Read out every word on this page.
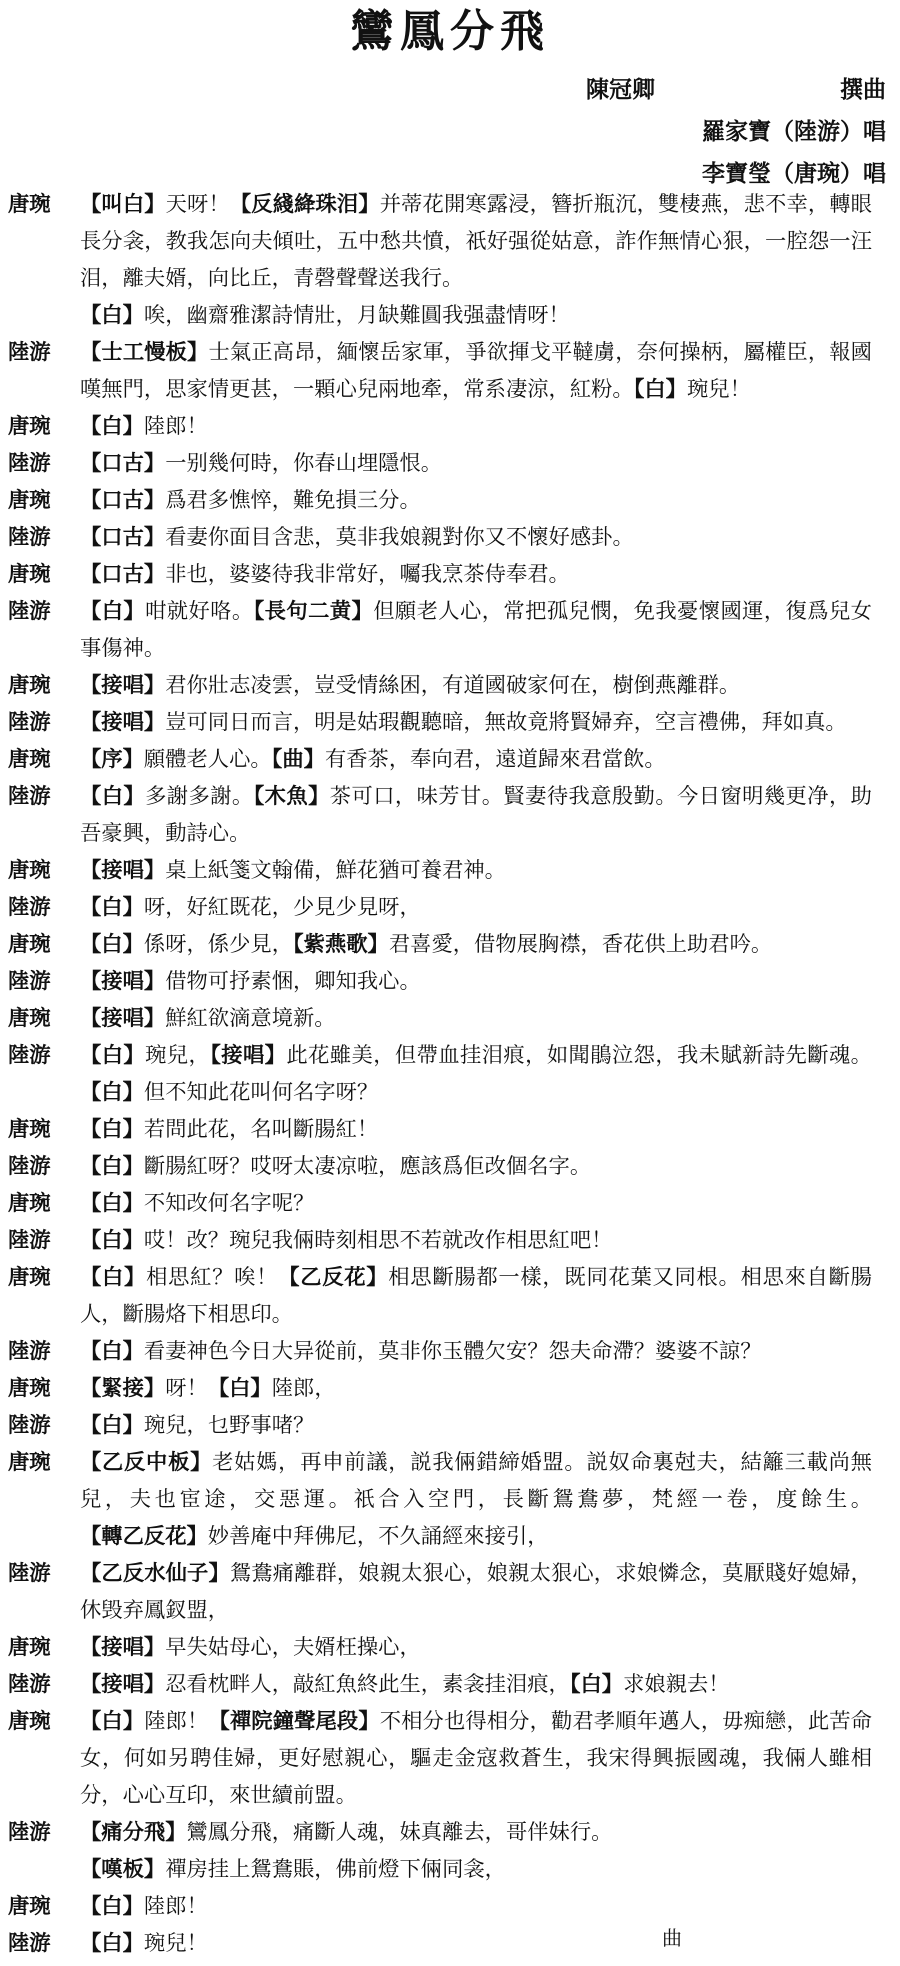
鸞鳳分飛
陳冠卿	撰曲
羅家寶（陸游） 唱
李寶瑩（唐琬） 唱
唐琬	【叫白】天呀！【反綫絳珠泪】并蒂花開寒露浸，簪折瓶沉，雙棲燕，悲不幸，轉眼長分衾，教我怎向夫傾吐，五中愁共憤，祇好强從姑意，詐作無情心狠，一腔怨一汪泪，離夫婿，向比丘，青磬聲聲送我行。
【白】唉，幽齋雅潔詩情壯，月缺難圓我强盡情呀！
陸游	【士工慢板】士氣正高昂，緬懷岳家軍，爭欲揮戈平韃虜，奈何操柄，屬權臣，報國嘆無門，思家情更甚，一顆心兒兩地牽，常系凄涼，紅粉。【白】琬兒！
唐琬	【白】陸郎！
陸游	【口古】一别幾何時，你春山埋隱恨。
唐琬	【口古】爲君多憔悴，難免損三分。
陸游	【口古】看妻你面目含悲，莫非我娘親對你又不懷好感卦。
唐琬	【口古】非也，婆婆待我非常好，囑我烹茶侍奉君。
陸游	【白】咁就好咯。【長句二黄】但願老人心，常把孤兒憫，免我憂懷國運，復爲兒女事傷神。
唐琬	【接唱】君你壯志凌雲，豈受情絲困，有道國破家何在，樹倒燕離群。
陸游	【接唱】豈可同日而言，明是姑瑕觀聽暗，無故竟將賢婦弃，空言禮佛，拜如真。
唐琬	【序】願體老人心。【曲】有香茶，奉向君，遠道歸來君當飲。
陸游	【白】多謝多謝。【木魚】茶可口，味芳甘。賢妻待我意殷勤。今日窗明幾更净，助吾豪興，動詩心。
唐琬	【接唱】桌上紙箋文翰備，鮮花猶可養君神。
陸游	【白】呀，好紅既花，少見少見呀，
唐琬	【白】係呀，係少見，【紫燕歌】君喜愛，借物展胸襟，香花供上助君吟。
陸游	【接唱】借物可抒素悃，卿知我心。
唐琬	【接唱】鮮紅欲滴意境新。
陸游	【白】琬兒，【接唱】此花雖美，但帶血挂泪痕，如聞鵑泣怨，我未賦新詩先斷魂。【白】但不知此花叫何名字呀？
唐琬	【白】若問此花，名叫斷腸紅！
陸游	【白】斷腸紅呀？哎呀太凄凉啦，應該爲佢改個名字。
唐琬	【白】不知改何名字呢？
陸游	【白】哎！改？琬兒我倆時刻相思不若就改作相思紅吧！
唐琬	【白】相思紅？唉！【乙反花】相思斷腸都一樣，既同花葉又同根。相思來自斷腸人，斷腸烙下相思印。
陸游	【白】看妻神色今日大异從前，莫非你玉體欠安？怨夫命滯？婆婆不諒？
唐琬	【緊接】呀！【白】陸郎，
陸游	【白】琬兒，乜野事啫？
唐琬	【乙反中板】老姑媽，再申前議，説我倆錯締婚盟。説奴命裏尅夫，結籬三載尚無兒，夫也宦途，交惡運。祇合入空門，長斷鴛鴦夢，梵經一卷，度餘生。【轉乙反花】妙善庵中拜佛尼，不久誦經來接引，
陸游	【乙反水仙子】鴛鴦痛離群，娘親太狠心，娘親太狠心，求娘憐念，莫厭賤好媳婦，休毁弃鳳釵盟，
唐琬	【接唱】早失姑母心，夫婿枉操心，
陸游	【接唱】忍看枕畔人，敲紅魚終此生，素衾挂泪痕，【白】求娘親去！
唐琬	【白】陸郎！【禪院鐘聲尾段】不相分也得相分，勸君孝順年邁人，毋痴戀，此苦命女，何如另聘佳婦，更好慰親心，驅走金寇救蒼生，我宋得興振國魂，我倆人雖相分，心心互印，來世續前盟。
陸游	【痛分飛】鸞鳳分飛，痛斷人魂，妹真離去，哥伴妹行。
【嘆板】禪房挂上鴛鴦賬，佛前燈下倆同衾，
唐琬	【白】陸郎！
陸游	【白】琬兒！	曲
